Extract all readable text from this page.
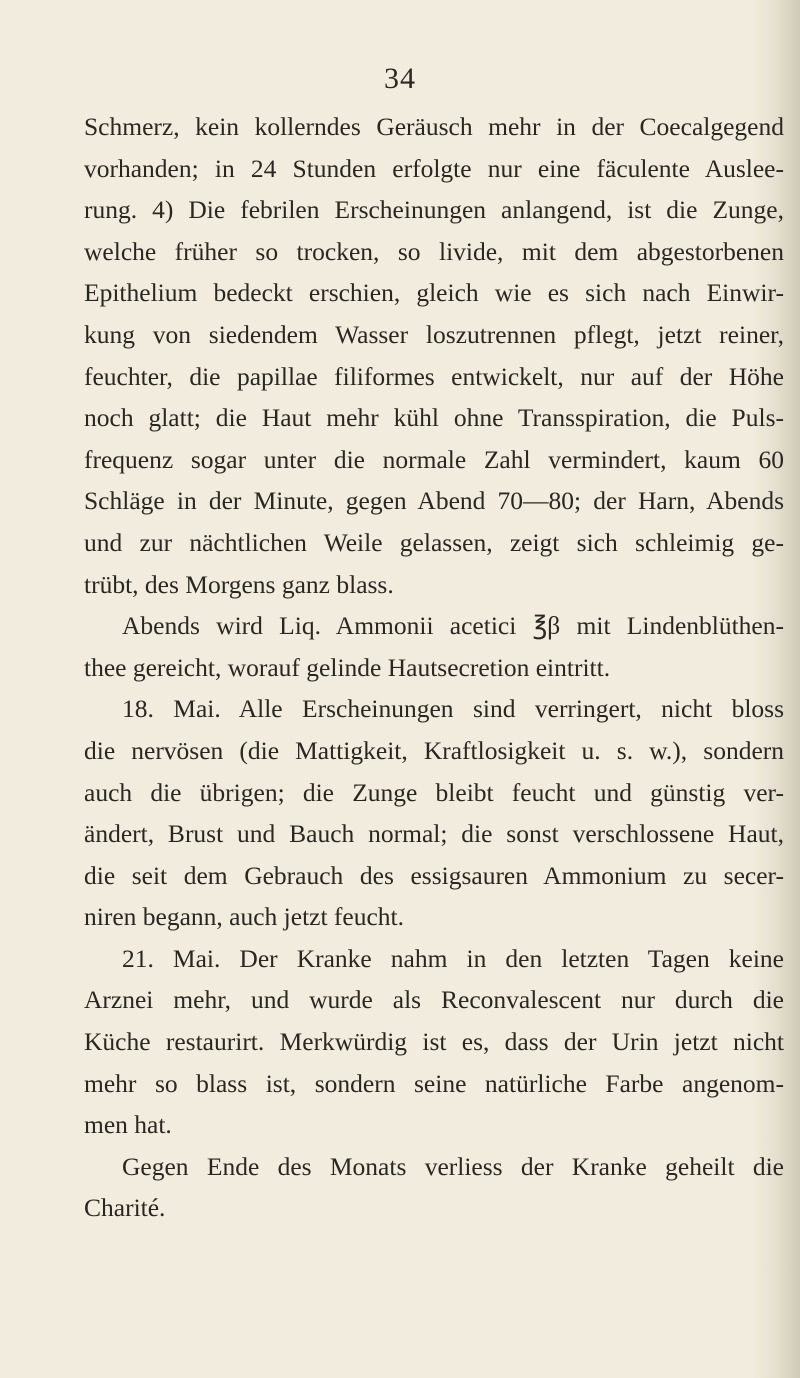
34
Schmerz, kein kollerndes Geräusch mehr in der Coecalgegend
vorhanden; in 24 Stunden erfolgte nur eine fäculente Auslee-
rung. 4) Die febrilen Erscheinungen anlangend, ist die Zunge,
welche früher so trocken, so livide, mit dem abgestorbenen
Epithelium bedeckt erschien, gleich wie es sich nach Einwir-
kung von siedendem Wasser loszutrennen pflegt, jetzt reiner,
feuchter, die papillae filiformes entwickelt, nur auf der Höhe
noch glatt; die Haut mehr kühl ohne Transspiration, die Puls-
frequenz sogar unter die normale Zahl vermindert, kaum 60
Schläge in der Minute, gegen Abend 70—80; der Harn, Abends
und zur nächtlichen Weile gelassen, zeigt sich schleimig ge-
trübt, des Morgens ganz blass.
Abends wird Liq. Ammonii acetici ℥β mit Lindenblüthen-
thee gereicht, worauf gelinde Hautsecretion eintritt.
18. Mai. Alle Erscheinungen sind verringert, nicht bloss
die nervösen (die Mattigkeit, Kraftlosigkeit u. s. w.), sondern
auch die übrigen; die Zunge bleibt feucht und günstig ver-
ändert, Brust und Bauch normal; die sonst verschlossene Haut,
die seit dem Gebrauch des essigsauren Ammonium zu secer-
niren begann, auch jetzt feucht.
21. Mai. Der Kranke nahm in den letzten Tagen keine
Arznei mehr, und wurde als Reconvalescent nur durch die
Küche restaurirt. Merkwürdig ist es, dass der Urin jetzt nicht
mehr so blass ist, sondern seine natürliche Farbe angenom-
men hat.
Gegen Ende des Monats verliess der Kranke geheilt die
Charité.
